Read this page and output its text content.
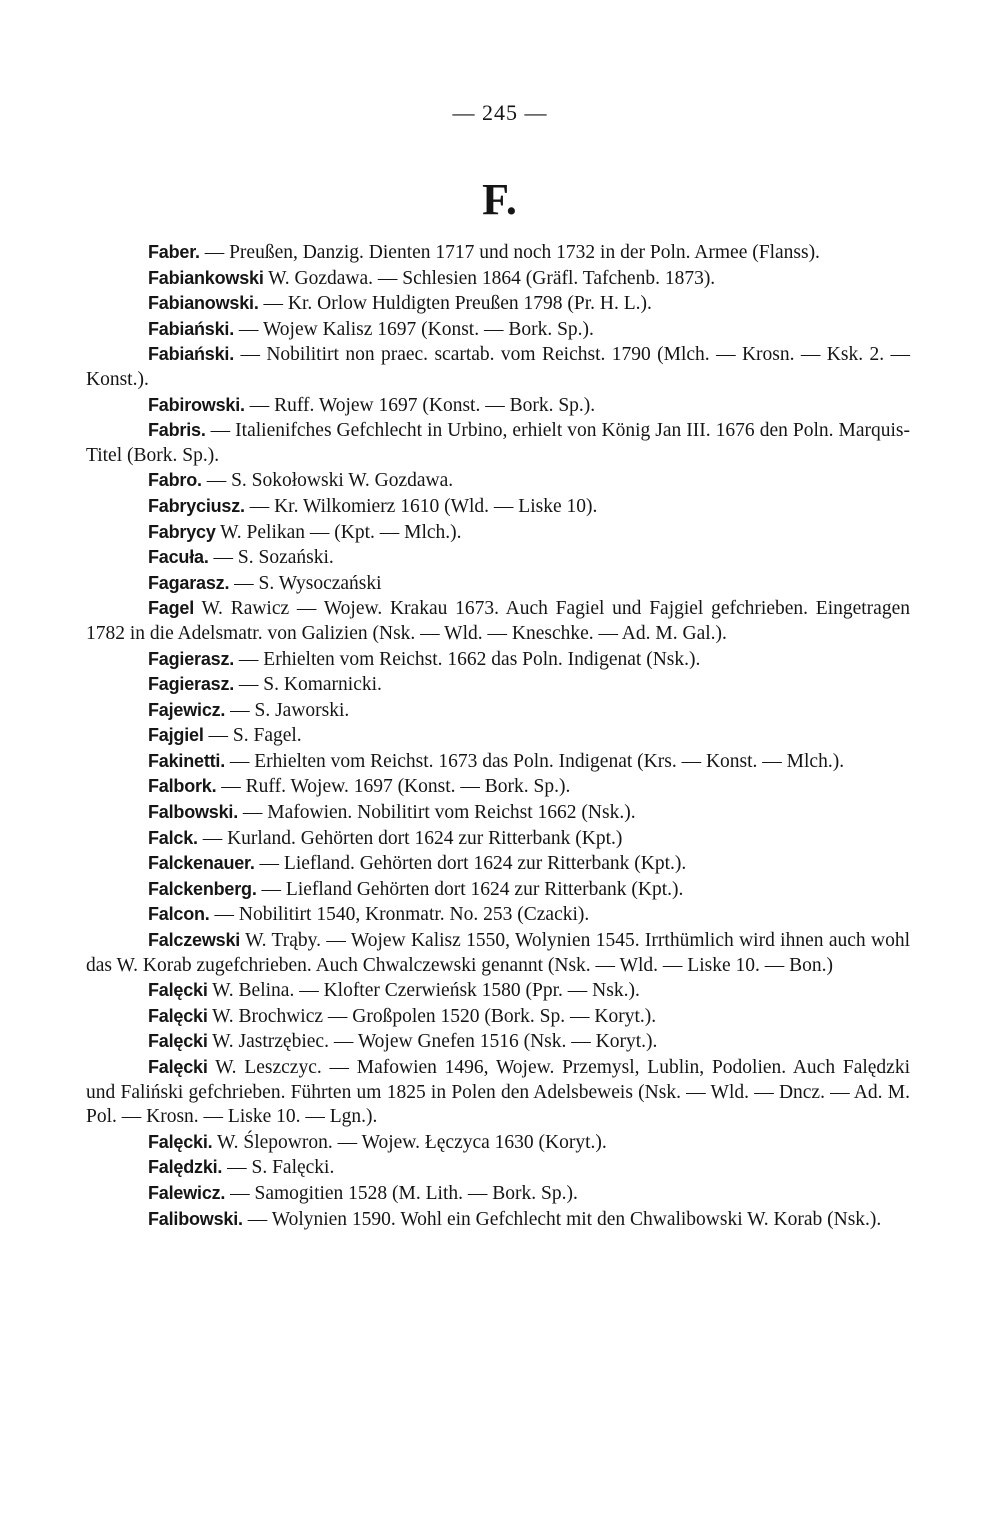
— 245 —
F.
Faber. — Preußen, Danzig. Dienten 1717 und noch 1732 in der Poln. Armee (Flanss).
Fabiankowski W. Gozdawa. — Schlesien 1864 (Gräfl. Tafchenb. 1873).
Fabianowski. — Kr. Orlow Huldigten Preußen 1798 (Pr. H. L.).
Fabiański. — Wojew Kalisz 1697 (Konst. — Bork. Sp.).
Fabiański. — Nobilitirt non praec. scartab. vom Reichst. 1790 (Mlch. — Krosn. — Ksk. 2. — Konst.).
Fabirowski. — Ruff. Wojew 1697 (Konst. — Bork. Sp.).
Fabris. — Italienifches Gefchlecht in Urbino, erhielt von König Jan III. 1676 den Poln. Marquis-Titel (Bork. Sp.).
Fabro. — S. Sokołowski W. Gozdawa.
Fabryciusz. — Kr. Wilkomierz 1610 (Wld. — Liske 10).
Fabrycy W. Pelikan — (Kpt. — Mlch.).
Facuła. — S. Sozański.
Fagarasz. — S. Wysoczański
Fagel W. Rawicz — Wojew. Krakau 1673. Auch Fagiel und Fajgiel gefchrieben. Eingetragen 1782 in die Adelsmatr. von Galizien (Nsk. — Wld. — Kneschke. — Ad. M. Gal.).
Fagierasz. — Erhielten vom Reichst. 1662 das Poln. Indigenat (Nsk.).
Fagierasz. — S. Komarnicki.
Fajewicz. — S. Jaworski.
Fajgiel — S. Fagel.
Fakinetti. — Erhielten vom Reichst. 1673 das Poln. Indigenat (Krs. — Konst. — Mlch.).
Falbork. — Ruff. Wojew. 1697 (Konst. — Bork. Sp.).
Falbowski. — Mafowien. Nobilitirt vom Reichst 1662 (Nsk.).
Falck. — Kurland. Gehörten dort 1624 zur Ritterbank (Kpt.)
Falckenauer. — Liefland. Gehörten dort 1624 zur Ritterbank (Kpt.).
Falckenberg. — Liefland Gehörten dort 1624 zur Ritterbank (Kpt.).
Falcon. — Nobilitirt 1540, Kronmatr. No. 253 (Czacki).
Falczewski W. Trąby. — Wojew Kalisz 1550, Wolynien 1545. Irrthümlich wird ihnen auch wohl das W. Korab zugefchrieben. Auch Chwalczewski genannt (Nsk. — Wld. — Liske 10. — Bon.)
Falęcki W. Belina. — Klofter Czerwieńsk 1580 (Ppr. — Nsk.).
Falęcki W. Brochwicz — Großpolen 1520 (Bork. Sp. — Koryt.).
Falęcki W. Jastrzębiec. — Wojew Gnefen 1516 (Nsk. — Koryt.).
Falęcki W. Leszczyc. — Mafowien 1496, Wojew. Przemysl, Lublin, Podolien. Auch Falędzki und Faliński gefchrieben. Führten um 1825 in Polen den Adelsbeweis (Nsk. — Wld. — Dncz. — Ad. M. Pol. — Krosn. — Liske 10. — Lgn.).
Falęcki. W. Ślepowron. — Wojew. Łęczyca 1630 (Koryt.).
Falędzki. — S. Falęcki.
Falewicz. — Samogitien 1528 (M. Lith. — Bork. Sp.).
Falibowski. — Wolynien 1590. Wohl ein Gefchlecht mit den Chwalibowski W. Korab (Nsk.).
